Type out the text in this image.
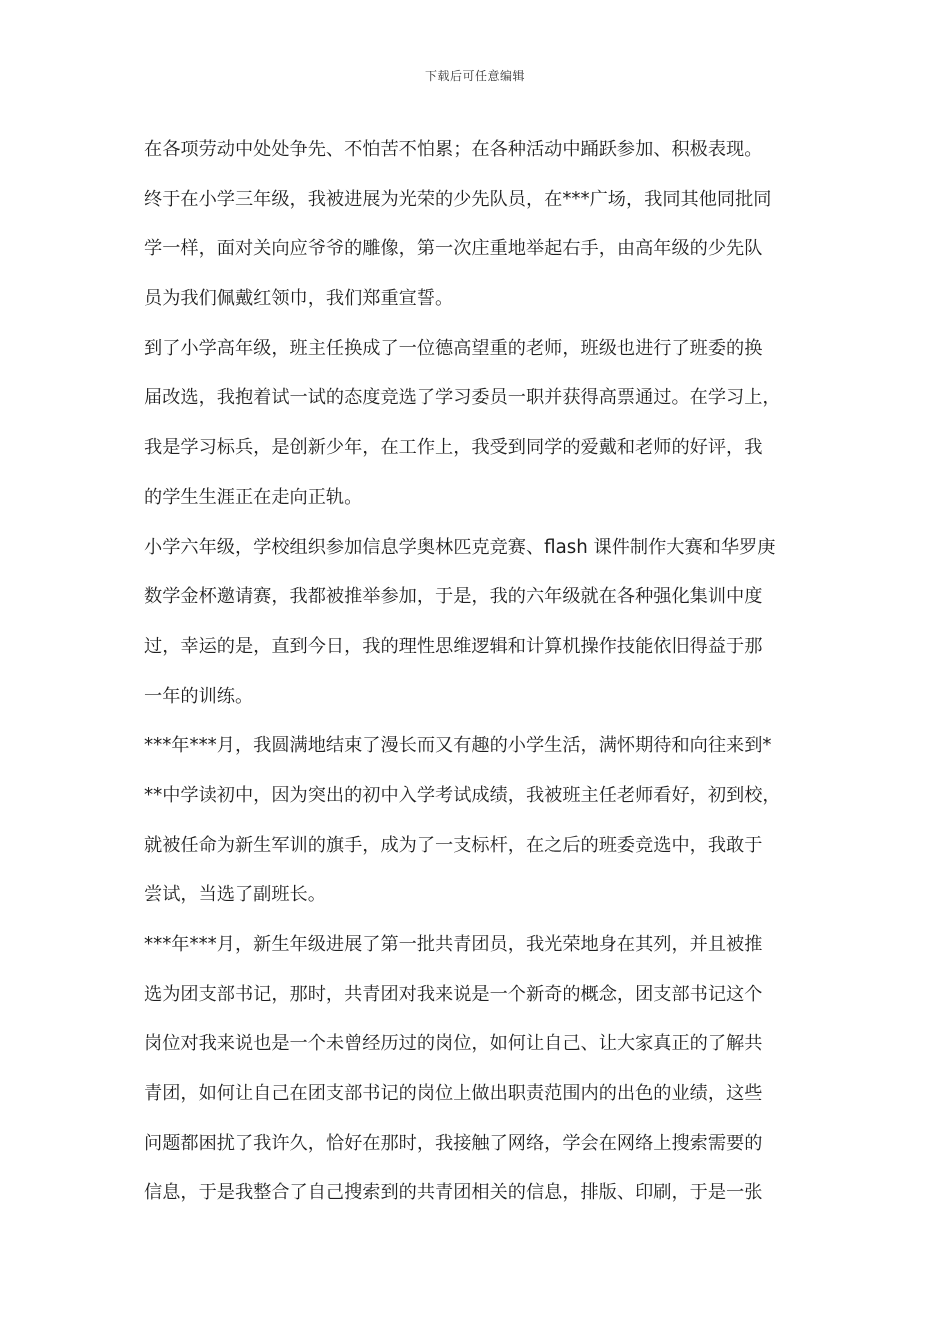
下载后可任意编辑
在各项劳动中处处争先、不怕苦不怕累；在各种活动中踊跃参加、积极表现。
终于在小学三年级，我被进展为光荣的少先队员，在***广场，我同其他同批同
学一样，面对关向应爷爷的雕像，第一次庄重地举起右手，由高年级的少先队
员为我们佩戴红领巾，我们郑重宣誓。
到了小学高年级，班主任换成了一位德高望重的老师，班级也进行了班委的换
届改选，我抱着试一试的态度竞选了学习委员一职并获得高票通过。在学习上，
我是学习标兵，是创新少年，在工作上，我受到同学的爱戴和老师的好评，我
的学生生涯正在走向正轨。
小学六年级，学校组织参加信息学奥林匹克竞赛、flash 课件制作大赛和华罗庚
数学金杯邀请赛，我都被推举参加，于是，我的六年级就在各种强化集训中度
过，幸运的是，直到今日，我的理性思维逻辑和计算机操作技能依旧得益于那
一年的训练。
***年***月，我圆满地结束了漫长而又有趣的小学生活，满怀期待和向往来到*
**中学读初中，因为突出的初中入学考试成绩，我被班主任老师看好，初到校，
就被任命为新生军训的旗手，成为了一支标杆，在之后的班委竞选中，我敢于
尝试，当选了副班长。
***年***月，新生年级进展了第一批共青团员，我光荣地身在其列，并且被推
选为团支部书记，那时，共青团对我来说是一个新奇的概念，团支部书记这个
岗位对我来说也是一个未曾经历过的岗位，如何让自己、让大家真正的了解共
青团，如何让自己在团支部书记的岗位上做出职责范围内的出色的业绩，这些
问题都困扰了我许久，恰好在那时，我接触了网络，学会在网络上搜索需要的
信息，于是我整合了自己搜索到的共青团相关的信息，排版、印刷，于是一张
